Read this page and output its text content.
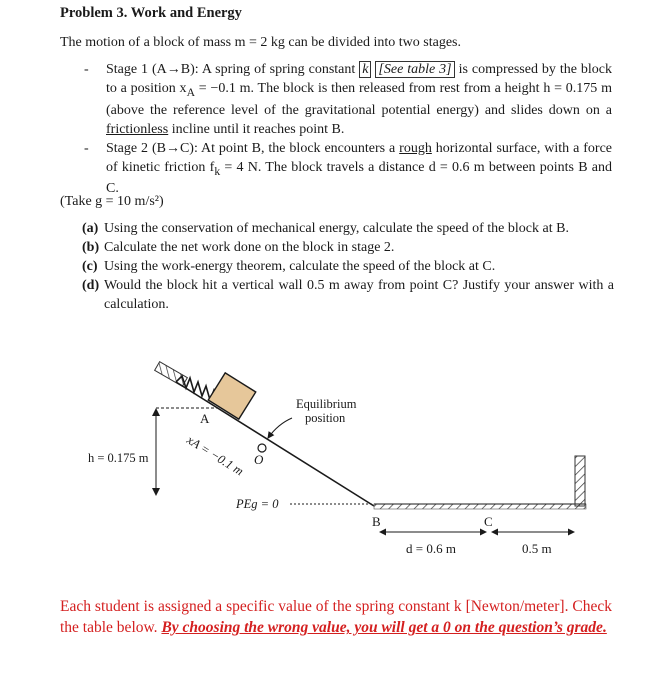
Problem 3. Work and Energy
The motion of a block of mass m = 2 kg can be divided into two stages.

- Stage 1 (A→B): A spring of spring constant k [See table 3] is compressed by the block to a position $x_A = -0.1$ m. The block is then released from rest from a height h = 0.175 m (above the reference level of the gravitational potential energy) and slides down on a frictionless incline until it reaches point B.

- Stage 2 (B→C): At point B, the block encounters a rough horizontal surface, with a force of kinetic friction $f_k = 4$ N. The block travels a distance d = 0.6 m between points B and C.

(Take g = 10 m/s²)

(a) Using the conservation of mechanical energy, calculate the speed of the block at B.

(b) Calculate the net work done on the block in stage 2.

(c) Using the work-energy theorem, calculate the speed of the block at C.

(d) Would the block hit a vertical wall 0.5 m away from point C? Justify your answer with a calculation.

A
O
Equilibrium
position
xA = −0.1 m
h = 0.175 m
PEg = 0
B	C
d = 0.6 m	0.5 m
Each student is assigned a specific value of the spring constant k [Newton/meter]. Check the table below. By choosing the wrong value, you will get a 0 on the question’s grade.
